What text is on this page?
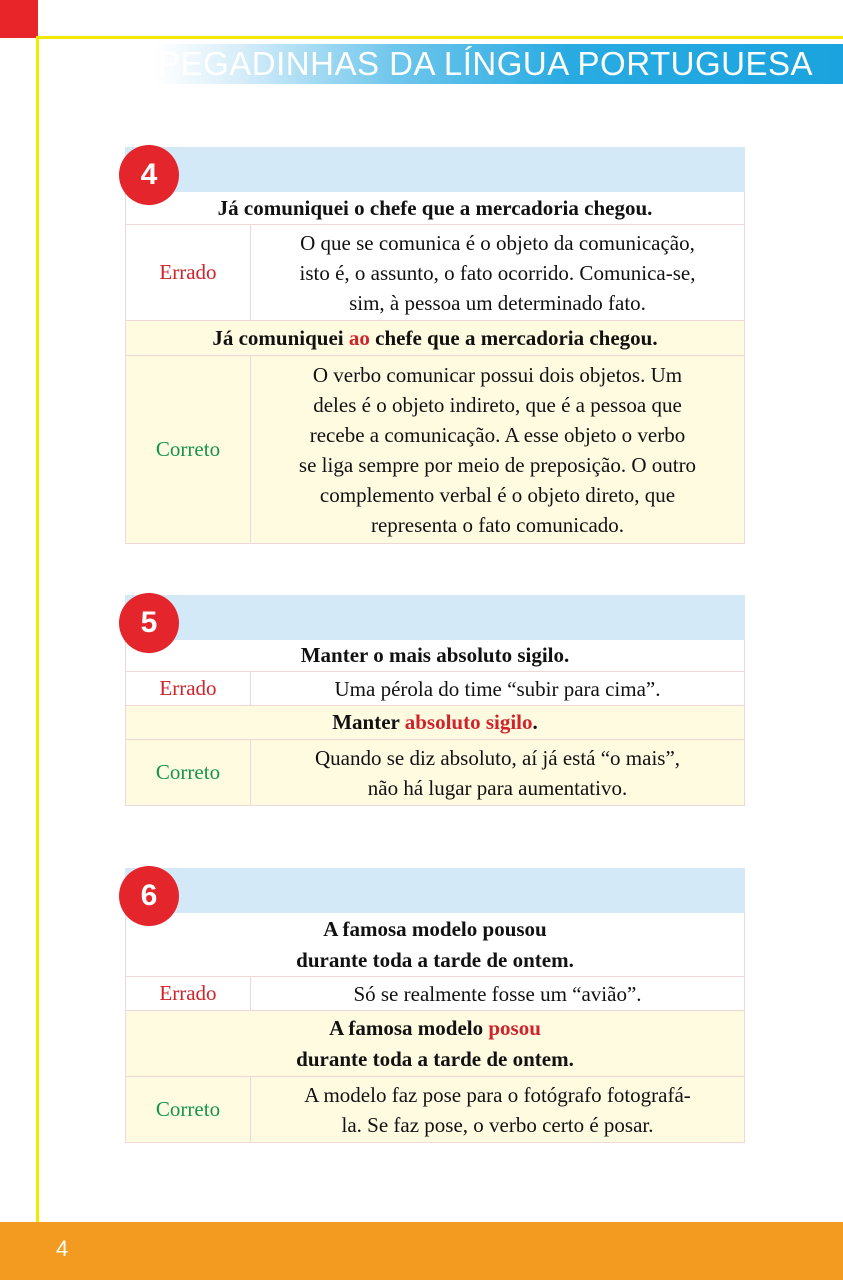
PEGADINHAS DA LÍNGUA PORTUGUESA
4
Já comuniquei o chefe que a mercadoria chegou.
Errado
O que se comunica é o objeto da comunicação,
isto é, o assunto, o fato ocorrido. Comunica-se,
sim, à pessoa um determinado fato.
Já comuniquei ao chefe que a mercadoria chegou.
Correto
O verbo comunicar possui dois objetos. Um
deles é o objeto indireto, que é a pessoa que
recebe a comunicação. A esse objeto o verbo
se liga sempre por meio de preposição. O outro
complemento verbal é o objeto direto, que
representa o fato comunicado.
5
Manter o mais absoluto sigilo.
Errado	Uma pérola do time “subir para cima”.
Manter absoluto sigilo.
Correto
Quando se diz absoluto, aí já está “o mais”,
não há lugar para aumentativo.
6
A famosa modelo pousou
durante toda a tarde de ontem.
Errado	Só se realmente fosse um “avião”.
A famosa modelo posou
durante toda a tarde de ontem.
Correto
A modelo faz pose para o fotógrafo fotografá-
la. Se faz pose, o verbo certo é posar.
4
